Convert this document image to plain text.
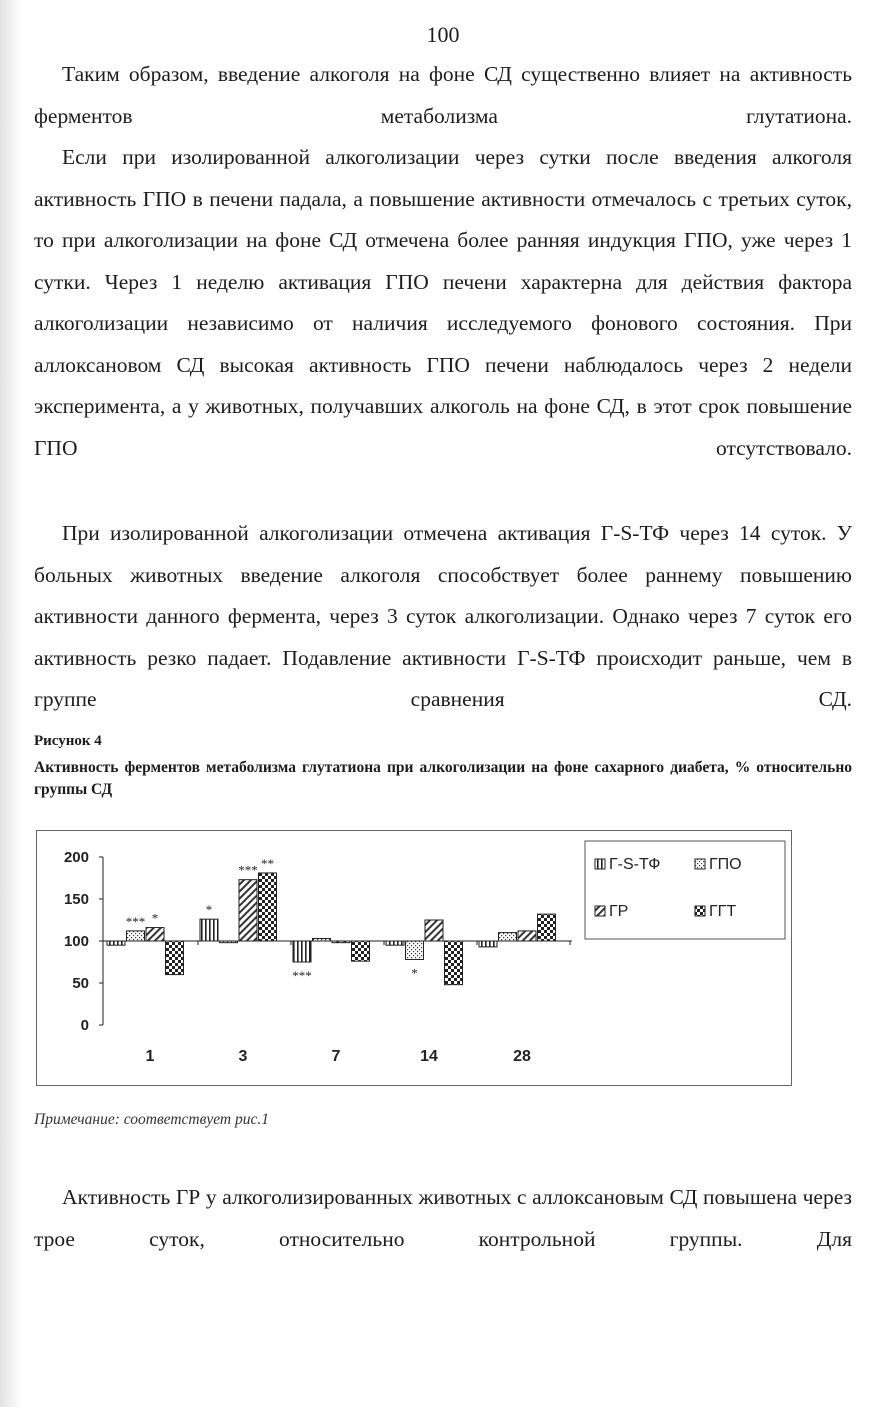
100

Таким образом, введение алкоголя на фоне СД существенно влияет на активность ферментов метаболизма глутатиона.

Если при изолированной алкоголизации через сутки после введения алкоголя активность ГПО в печени падала, а повышение активности отмечалось с третьих суток, то при алкоголизации на фоне СД отмечена более ранняя индукция ГПО, уже через 1 сутки. Через 1 неделю активация ГПО печени характерна для действия фактора алкоголизации независимо от наличия исследуемого фонового состояния. При аллоксановом СД высокая активность ГПО печени наблюдалось через 2 недели эксперимента, а у животных, получавших алкоголь на фоне СД, в этот срок повышение ГПО отсутствовало.

При изолированной алкоголизации отмечена активация Г-S-ТФ через 14 суток. У больных животных введение алкоголя способствует более раннему повышению активности данного фермента, через 3 суток алкоголизации. Однако через 7 суток его активность резко падает. Подавление активности Г-S-ТФ происходит раньше, чем в группе сравнения СД.

Рисунок 4

Активность ферментов метаболизма глутатиона при алкоголизации на фоне сахарного диабета, % относительно группы СД

0
50
100
150
200
1	3	7	14	28
*** *
*
*** **
***	*
Г-S-ТФ	ГПО
ГР	ГГТ
Примечание: соответствует рис.1

Активность ГР у алкоголизированных животных с аллоксановым СД повышена через трое суток, относительно контрольной группы. Для
